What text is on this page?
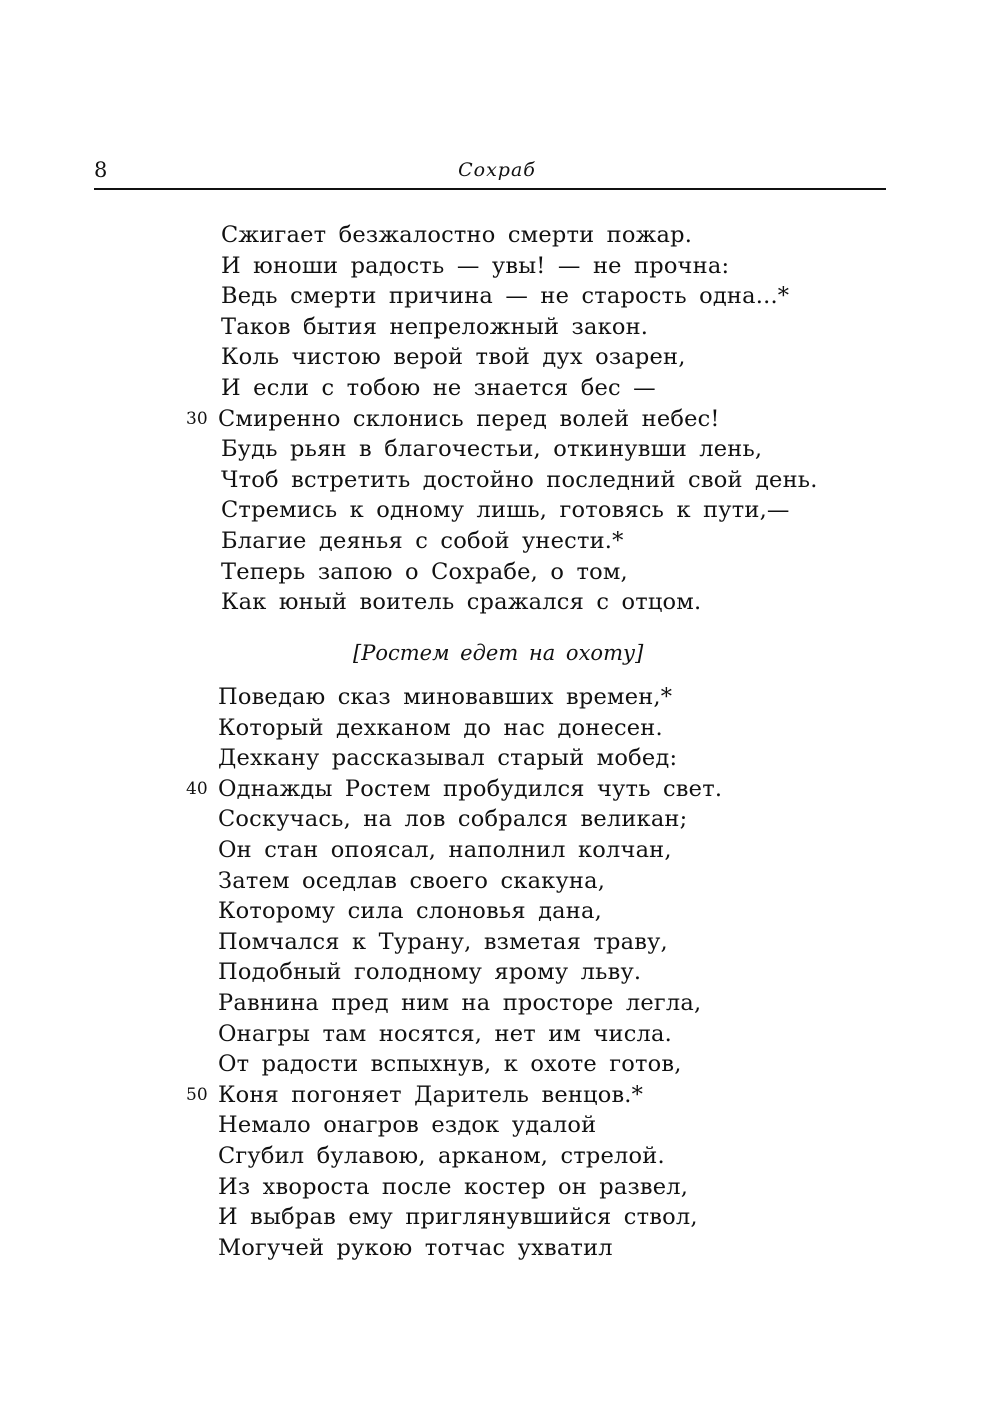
8	Сохраб
Сжигает безжалостно смерти пожар.
И юноши радость — увы! — не прочна:
Ведь смерти причина — не старость одна...*
Таков бытия непреложный закон.
Коль чистою верой твой дух озарен,
И если с тобою не знается бес —
30 Смиренно склонись перед волей небес!
Будь рьян в благочестьи, откинувши лень,
Чтоб встретить достойно последний свой день.
Стремись к одному лишь, готовясь к пути,—
Благие деянья с собой унести.*
Теперь запою о Сохрабе, о том,
Как юный воитель сражался с отцом.
[Ростем едет на охоту]
Поведаю сказ миновавших времен,*
Который дехканом до нас донесен.
Дехкану рассказывал старый мобед:
40 Однажды Ростем пробудился чуть свет.
Соскучась, на лов собрался великан;
Он стан опоясал, наполнил колчан,
Затем оседлав своего скакуна,
Которому сила слоновья дана,
Помчался к Турану, взметая траву,
Подобный голодному ярому льву.
Равнина пред ним на просторе легла,
Онагры там носятся, нет им числа.
От радости вспыхнув, к охоте готов,
50 Коня погоняет Даритель венцов.*
Немало онагров ездок удалой
Сгубил булавою, арканом, стрелой.
Из хвороста после костер он развел,
И выбрав ему приглянувшийся ствол,
Могучей рукою тотчас ухватил
